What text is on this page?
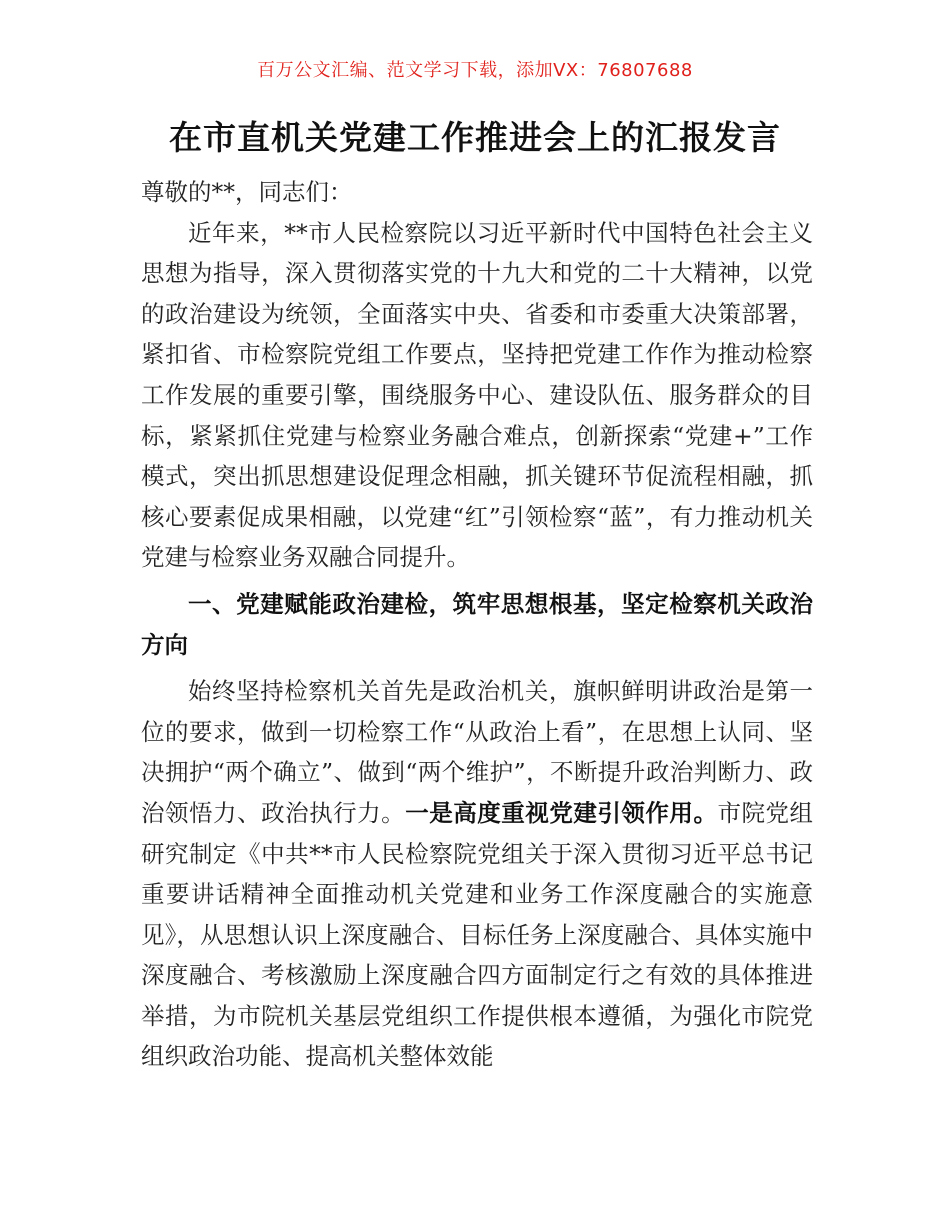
百万公文汇编、范文学习下载，添加VX：76807688
在市直机关党建工作推进会上的汇报发言

尊敬的**，同志们：

近年来，**市人民检察院以习近平新时代中国特色社会主义思想为指导，深入贯彻落实党的十九大和党的二十大精神，以党的政治建设为统领，全面落实中央、省委和市委重大决策部署，紧扣省、市检察院党组工作要点，坚持把党建工作作为推动检察工作发展的重要引擎，围绕服务中心、建设队伍、服务群众的目标，紧紧抓住党建与检察业务融合难点，创新探索“党建+”工作模式，突出抓思想建设促理念相融，抓关键环节促流程相融，抓核心要素促成果相融，以党建“红”引领检察“蓝”，有力推动机关党建与检察业务双融合同提升。

一、党建赋能政治建检，筑牢思想根基，坚定检察机关政治方向

始终坚持检察机关首先是政治机关，旗帜鲜明讲政治是第一位的要求，做到一切检察工作“从政治上看”，在思想上认同、坚决拥护“两个确立”、做到“两个维护”，不断提升政治判断力、政治领悟力、政治执行力。一是高度重视党建引领作用。市院党组研究制定《中共**市人民检察院党组关于深入贯彻习近平总书记重要讲话精神全面推动机关党建和业务工作深度融合的实施意见》，从思想认识上深度融合、目标任务上深度融合、具体实施中深度融合、考核激励上深度融合四方面制定行之有效的具体推进举措，为市院机关基层党组织工作提供根本遵循，为强化市院党组织政治功能、提高机关整体效能
